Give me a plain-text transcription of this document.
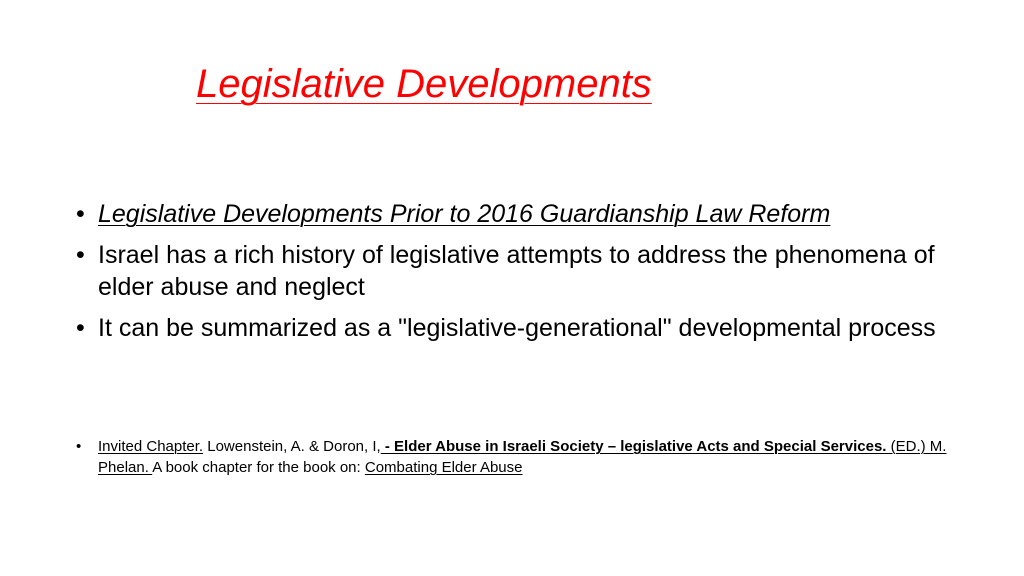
Legislative Developments
• Legislative Developments Prior to 2016 Guardianship Law Reform
• Israel has a rich history of legislative attempts to address the phenomena of elder abuse and neglect
• It can be summarized as a "legislative-generational" developmental process
• Invited Chapter. Lowenstein, A. & Doron, I, - Elder Abuse in Israeli Society – legislative Acts and Special Services. (ED.) M. Phelan. A book chapter for the book on: Combating Elder Abuse
